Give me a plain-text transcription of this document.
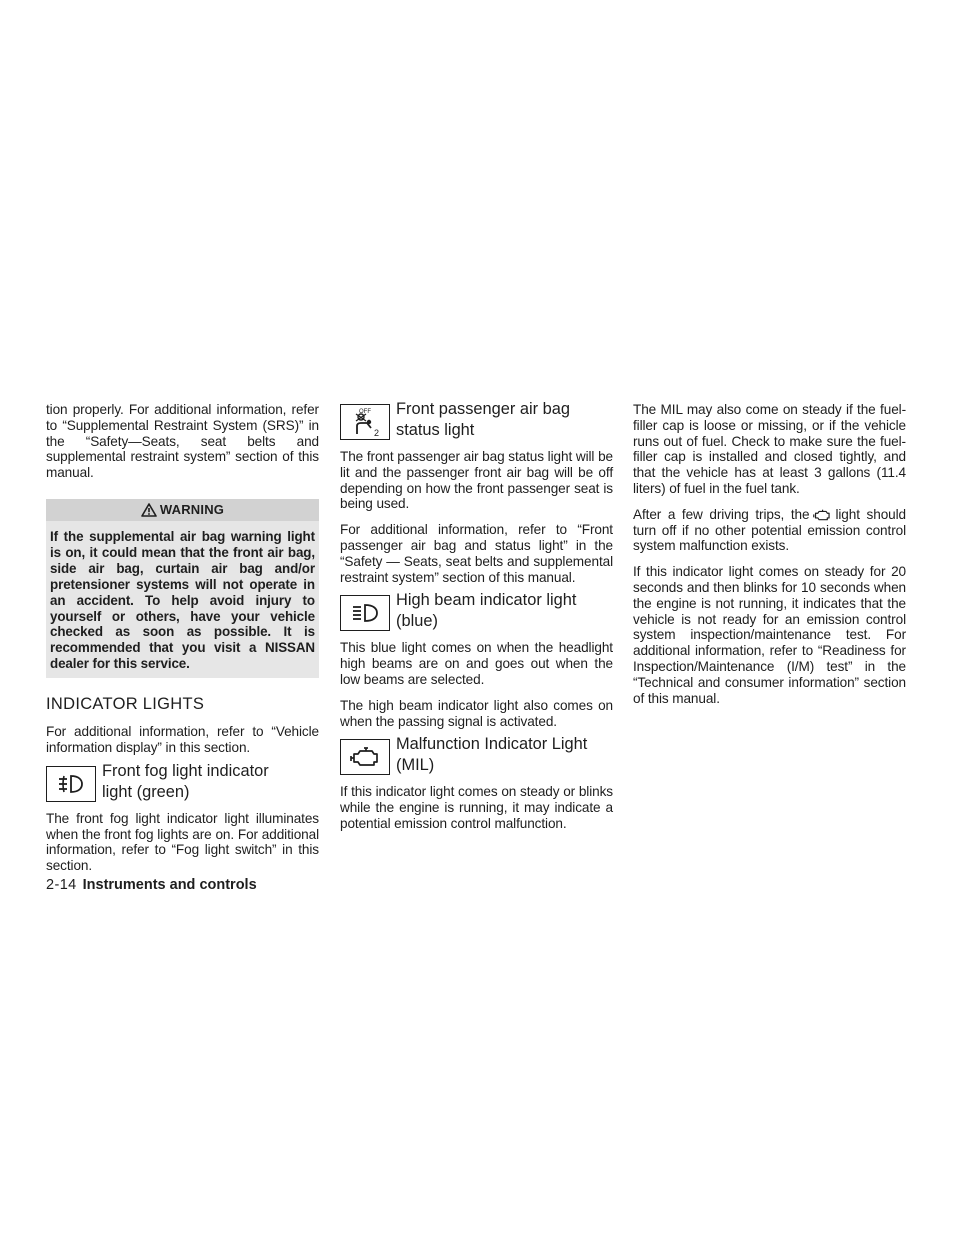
tion properly. For additional information, refer to “Supplemental Restraint System (SRS)” in the “Safety—Seats, seat belts and supplemental restraint system” section of this manual.

WARNING

If the supplemental air bag warning light is on, it could mean that the front air bag, side air bag, curtain air bag and/or pretensioner systems will not operate in an accident. To help avoid injury to yourself or others, have your vehicle checked as soon as possible. It is recommended that you visit a NISSAN dealer for this service.

INDICATOR LIGHTS

For additional information, refer to “Vehicle information display” in this section.

Front fog light indicator
light (green)

The front fog light indicator light illuminates when the front fog lights are on. For additional information, refer to “Fog light switch” in this section.

OFF
2
Front passenger air bag
status light

The front passenger air bag status light will be lit and the passenger front air bag will be off depending on how the front passenger seat is being used.

For additional information, refer to “Front passenger air bag and status light” in the “Safety — Seats, seat belts and supplemental restraint system” section of this manual.

High beam indicator light
(blue)

This blue light comes on when the headlight high beams are on and goes out when the low beams are selected.

The high beam indicator light also comes on when the passing signal is activated.

Malfunction Indicator Light
(MIL)

If this indicator light comes on steady or blinks while the engine is running, it may indicate a potential emission control malfunction.

The MIL may also come on steady if the fuel-filler cap is loose or missing, or if the vehicle runs out of fuel. Check to make sure the fuel-filler cap is installed and closed tightly, and that the vehicle has at least 3 gallons (11.4 liters) of fuel in the fuel tank.

After a few driving trips, the light should turn off if no other potential emission control system malfunction exists.

If this indicator light comes on steady for 20 seconds and then blinks for 10 seconds when the engine is not running, it indicates that the vehicle is not ready for an emission control system inspection/maintenance test. For additional information, refer to “Readiness for Inspection/Maintenance (I/M) test” in the “Technical and consumer information” section of this manual.

2-14 Instruments and controls
